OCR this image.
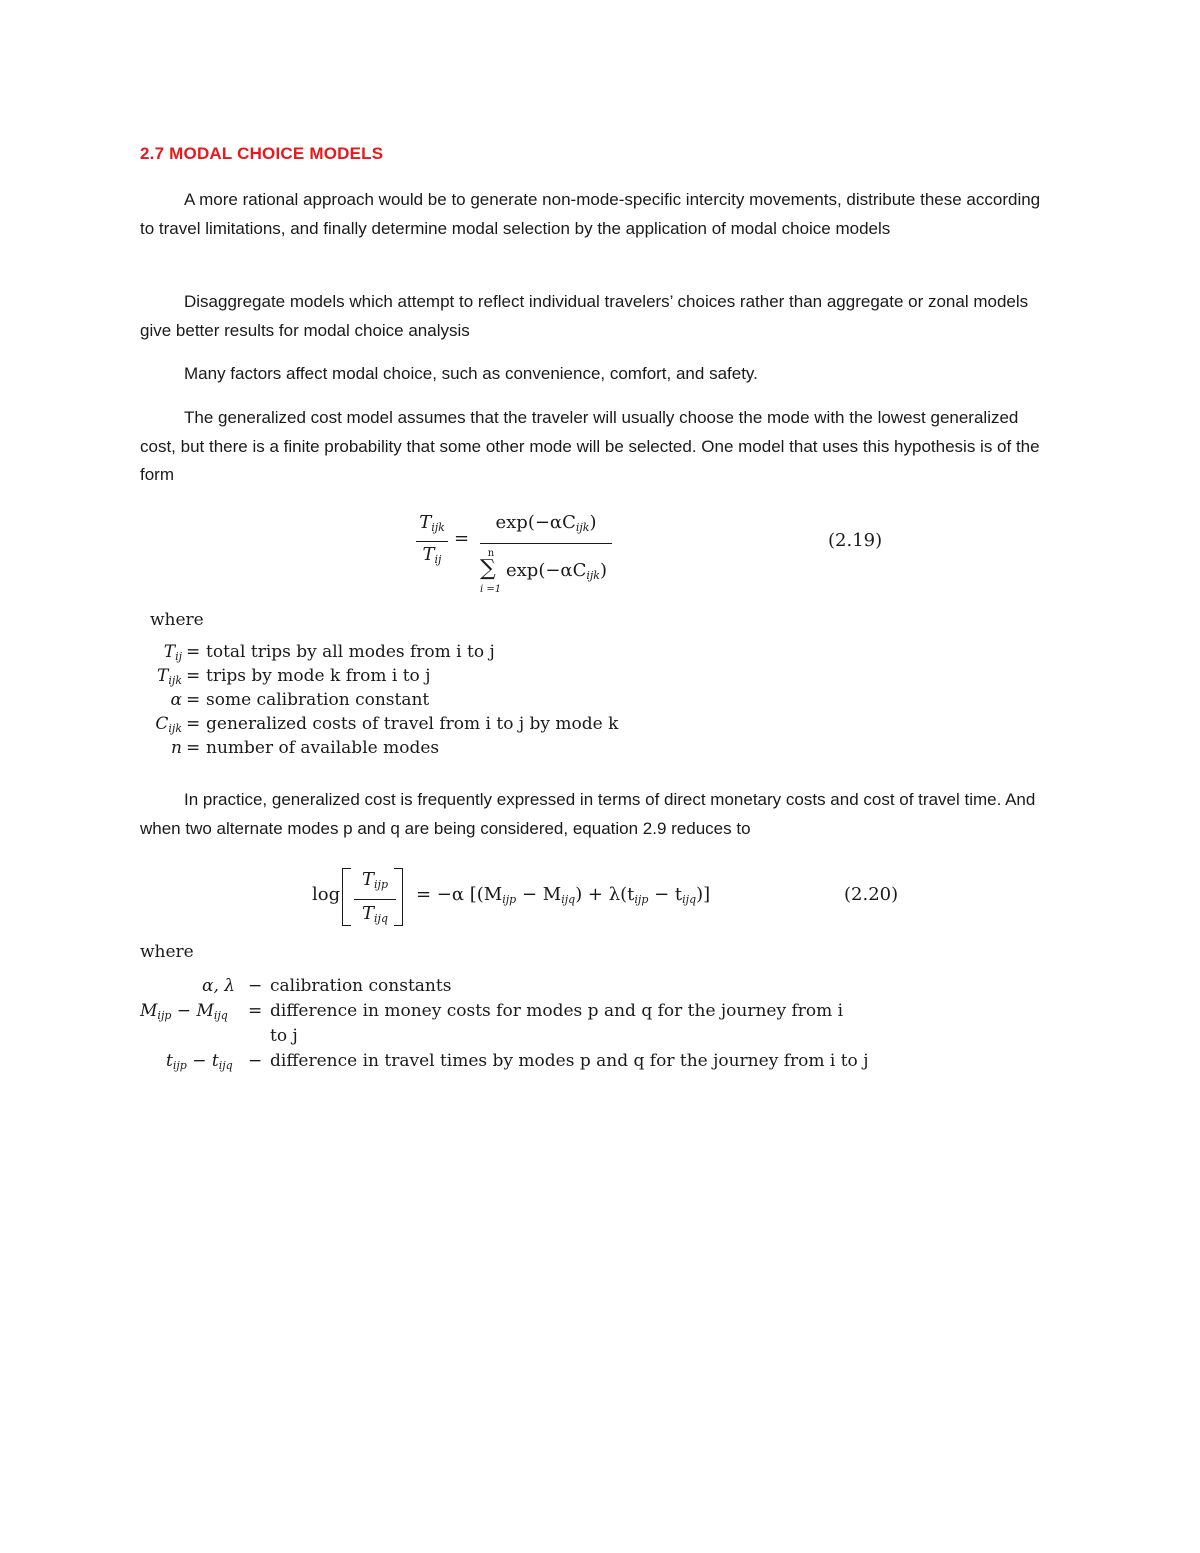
2.7 MODAL CHOICE MODELS

A more rational approach would be to generate non-mode-specific intercity movements, distribute these according to travel limitations, and finally determine modal selection by the application of modal choice models

Disaggregate models which attempt to reflect individual travelers’ choices rather than aggregate or zonal models give better results for modal choice analysis

Many factors affect modal choice, such as convenience, comfort, and safety.

The generalized cost model assumes that the traveler will usually choose the mode with the lowest generalized cost, but there is a finite probability that some other mode will be selected. One model that uses this hypothesis is of the form

$T_{ijk}$
$T_{ij}$
=
$\exp(-\alpha C_{ijk})$
n
∑
i =1
$\exp(-\alpha C_{ijk})$
(2.19)
where
$T_{ij}$ = total trips by all modes from i to j
$T_{ijk}$ = trips by mode k from i to j
α = some calibration constant
$C_{ijk}$ = generalized costs of travel from i to j by mode k
n = number of available modes

In practice, generalized cost is frequently expressed in terms of direct monetary costs and cost of travel time. And when two alternate modes p and q are being considered, equation 2.9 reduces to

log
$T_{ijp}$
$T_{ijq}$
= −α $[(M_{ijp} - M_{ijq}) + \lambda(t_{ijp} - t_{ijq})]$	(2.20)
where
α, λ − calibration constants
$M_{ijp} - M_{ijq}$	= difference in money costs for modes p and q for the journey from i
to j
$t_{ijp} - t_{ijq}$ − difference in travel times by modes p and q for the journey from i to j
